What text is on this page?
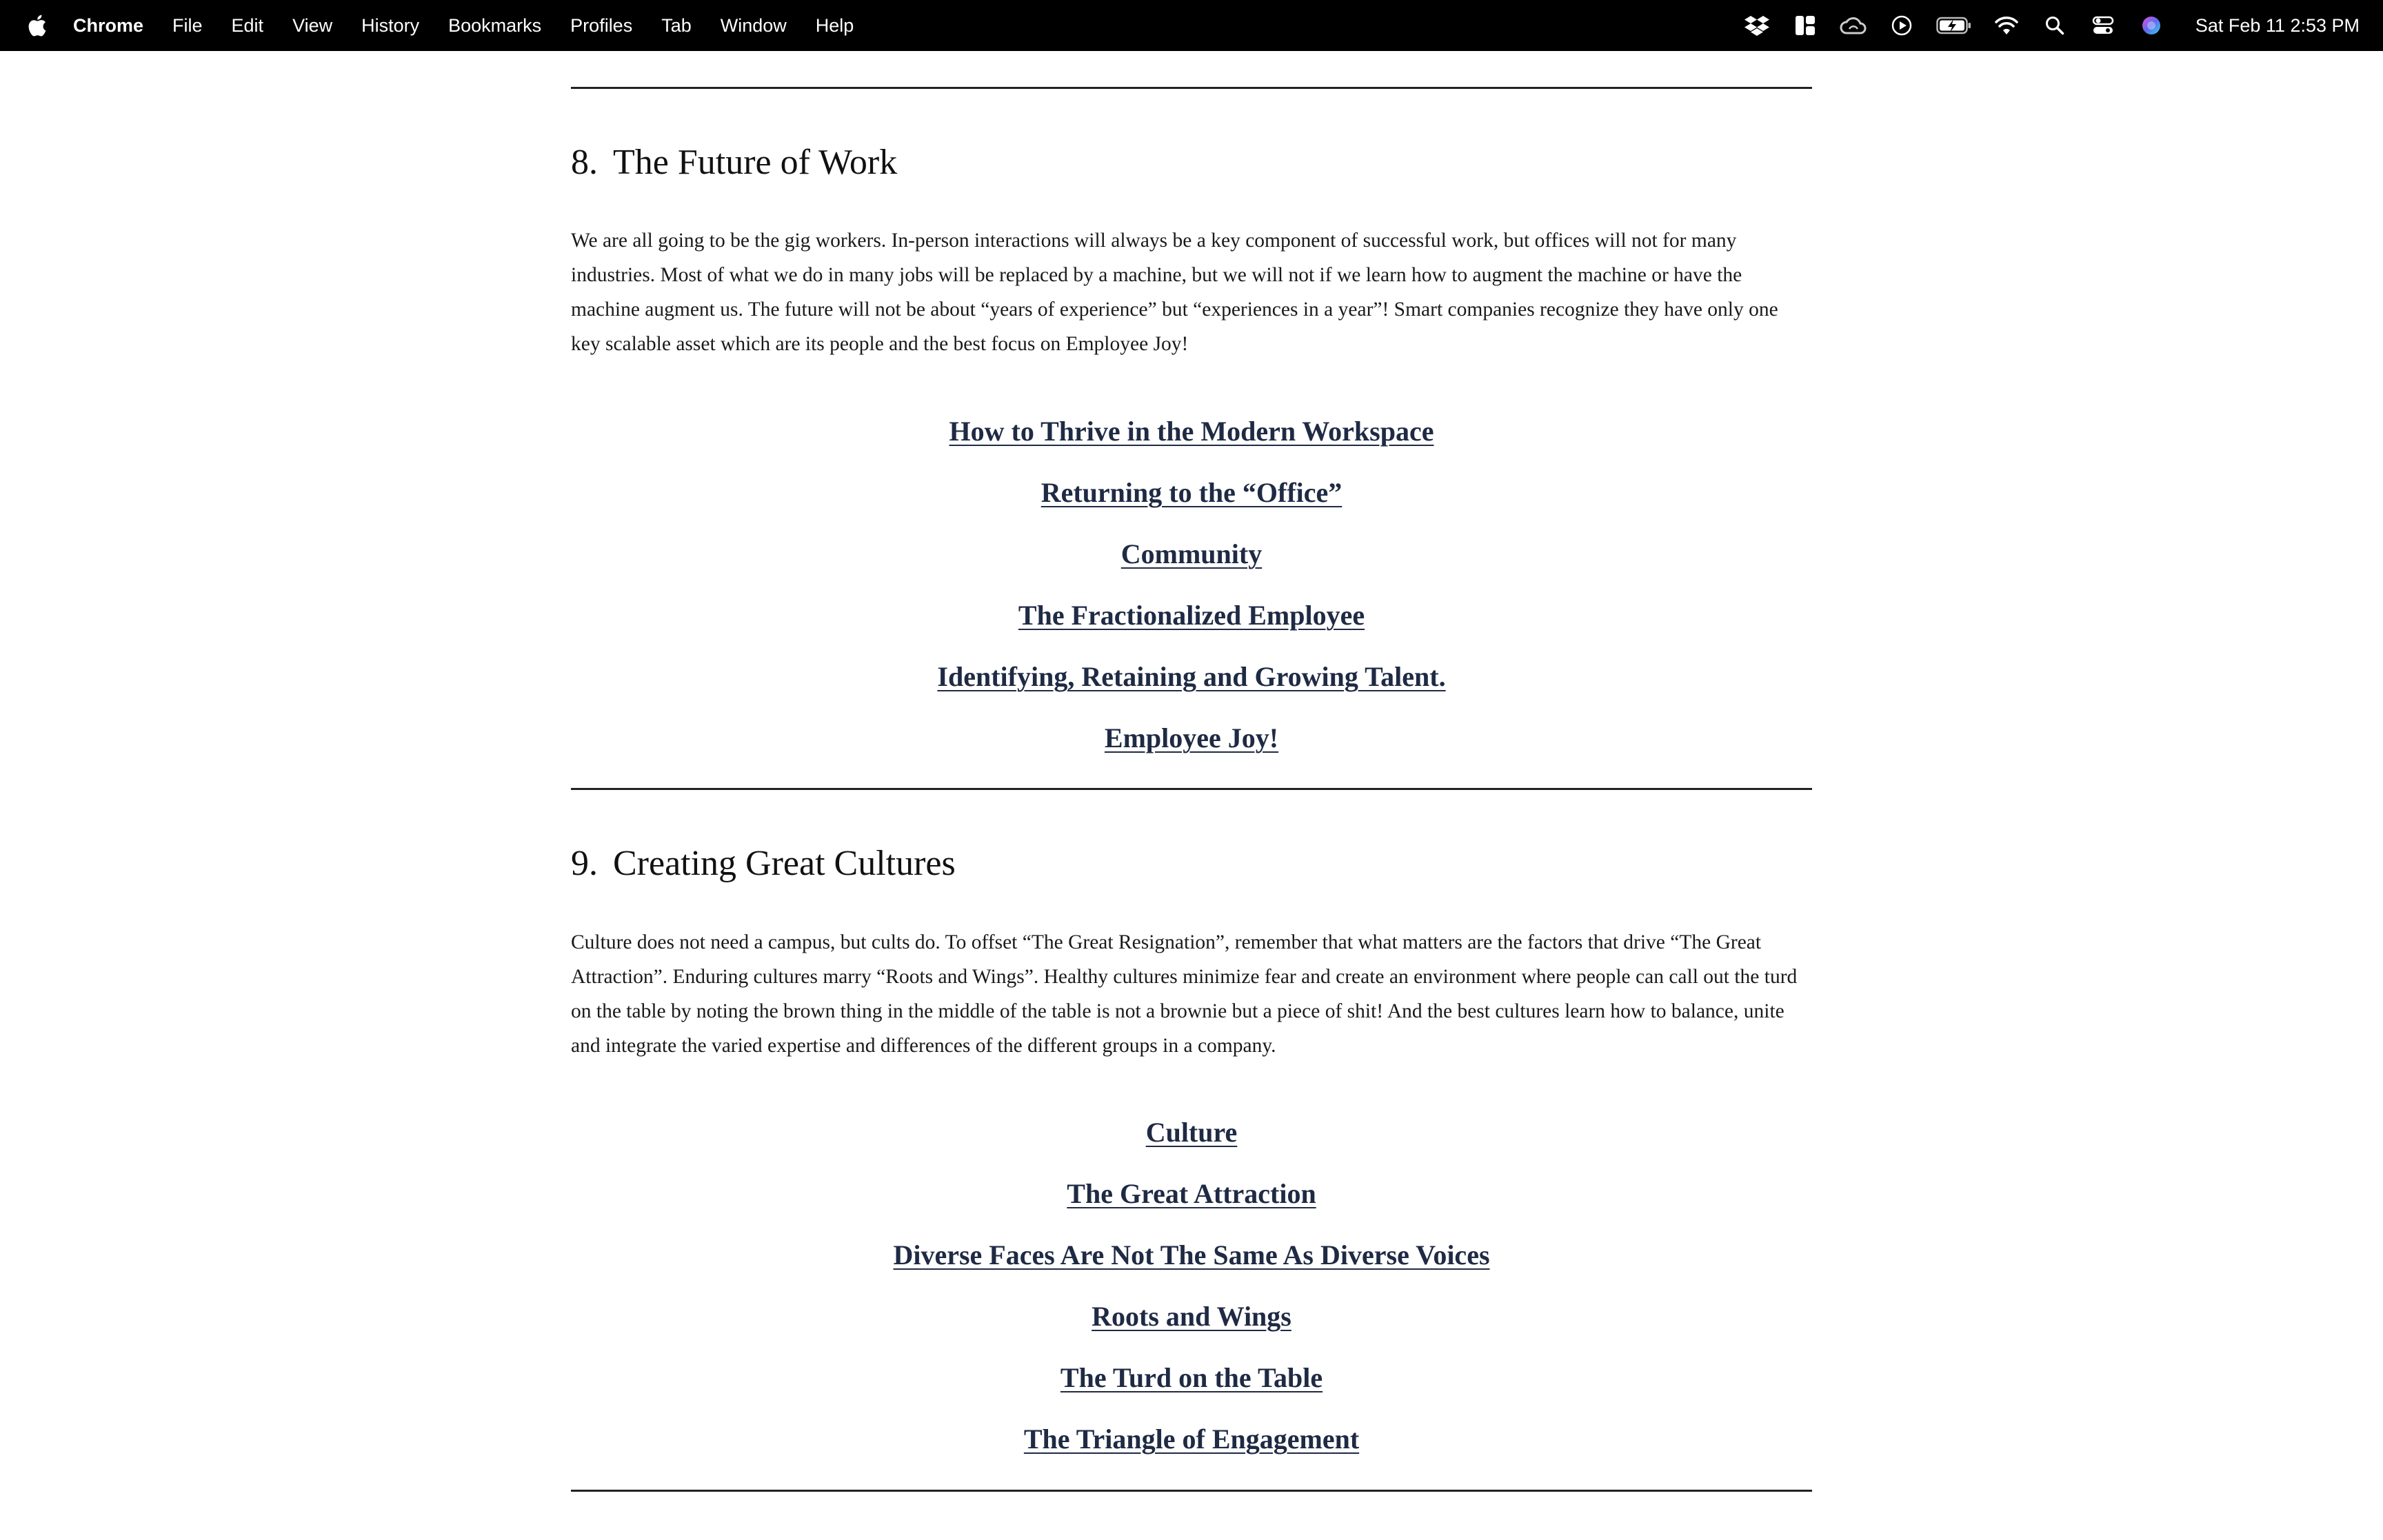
Chrome File Edit View History Bookmarks Profiles Tab Window Help	Sat Feb 11 2:53 PM
8. The Future of Work

We are all going to be the gig workers. In-person interactions will always be a key component of successful work, but offices will not for many industries. Most of what we do in many jobs will be replaced by a machine, but we will not if we learn how to augment the machine or have the machine augment us. The future will not be about “years of experience” but “experiences in a year”! Smart companies recognize they have only one key scalable asset which are its people and the best focus on Employee Joy!

How to Thrive in the Modern Workspace
Returning to the “Office”
Community
The Fractionalized Employee
Identifying, Retaining and Growing Talent.
Employee Joy!
9. Creating Great Cultures

Culture does not need a campus, but cults do. To offset “The Great Resignation”, remember that what matters are the factors that drive “The Great Attraction”. Enduring cultures marry “Roots and Wings”. Healthy cultures minimize fear and create an environment where people can call out the turd on the table by noting the brown thing in the middle of the table is not a brownie but a piece of shit! And the best cultures learn how to balance, unite and integrate the varied expertise and differences of the different groups in a company.

Culture
The Great Attraction
Diverse Faces Are Not The Same As Diverse Voices
Roots and Wings
The Turd on the Table
The Triangle of Engagement
